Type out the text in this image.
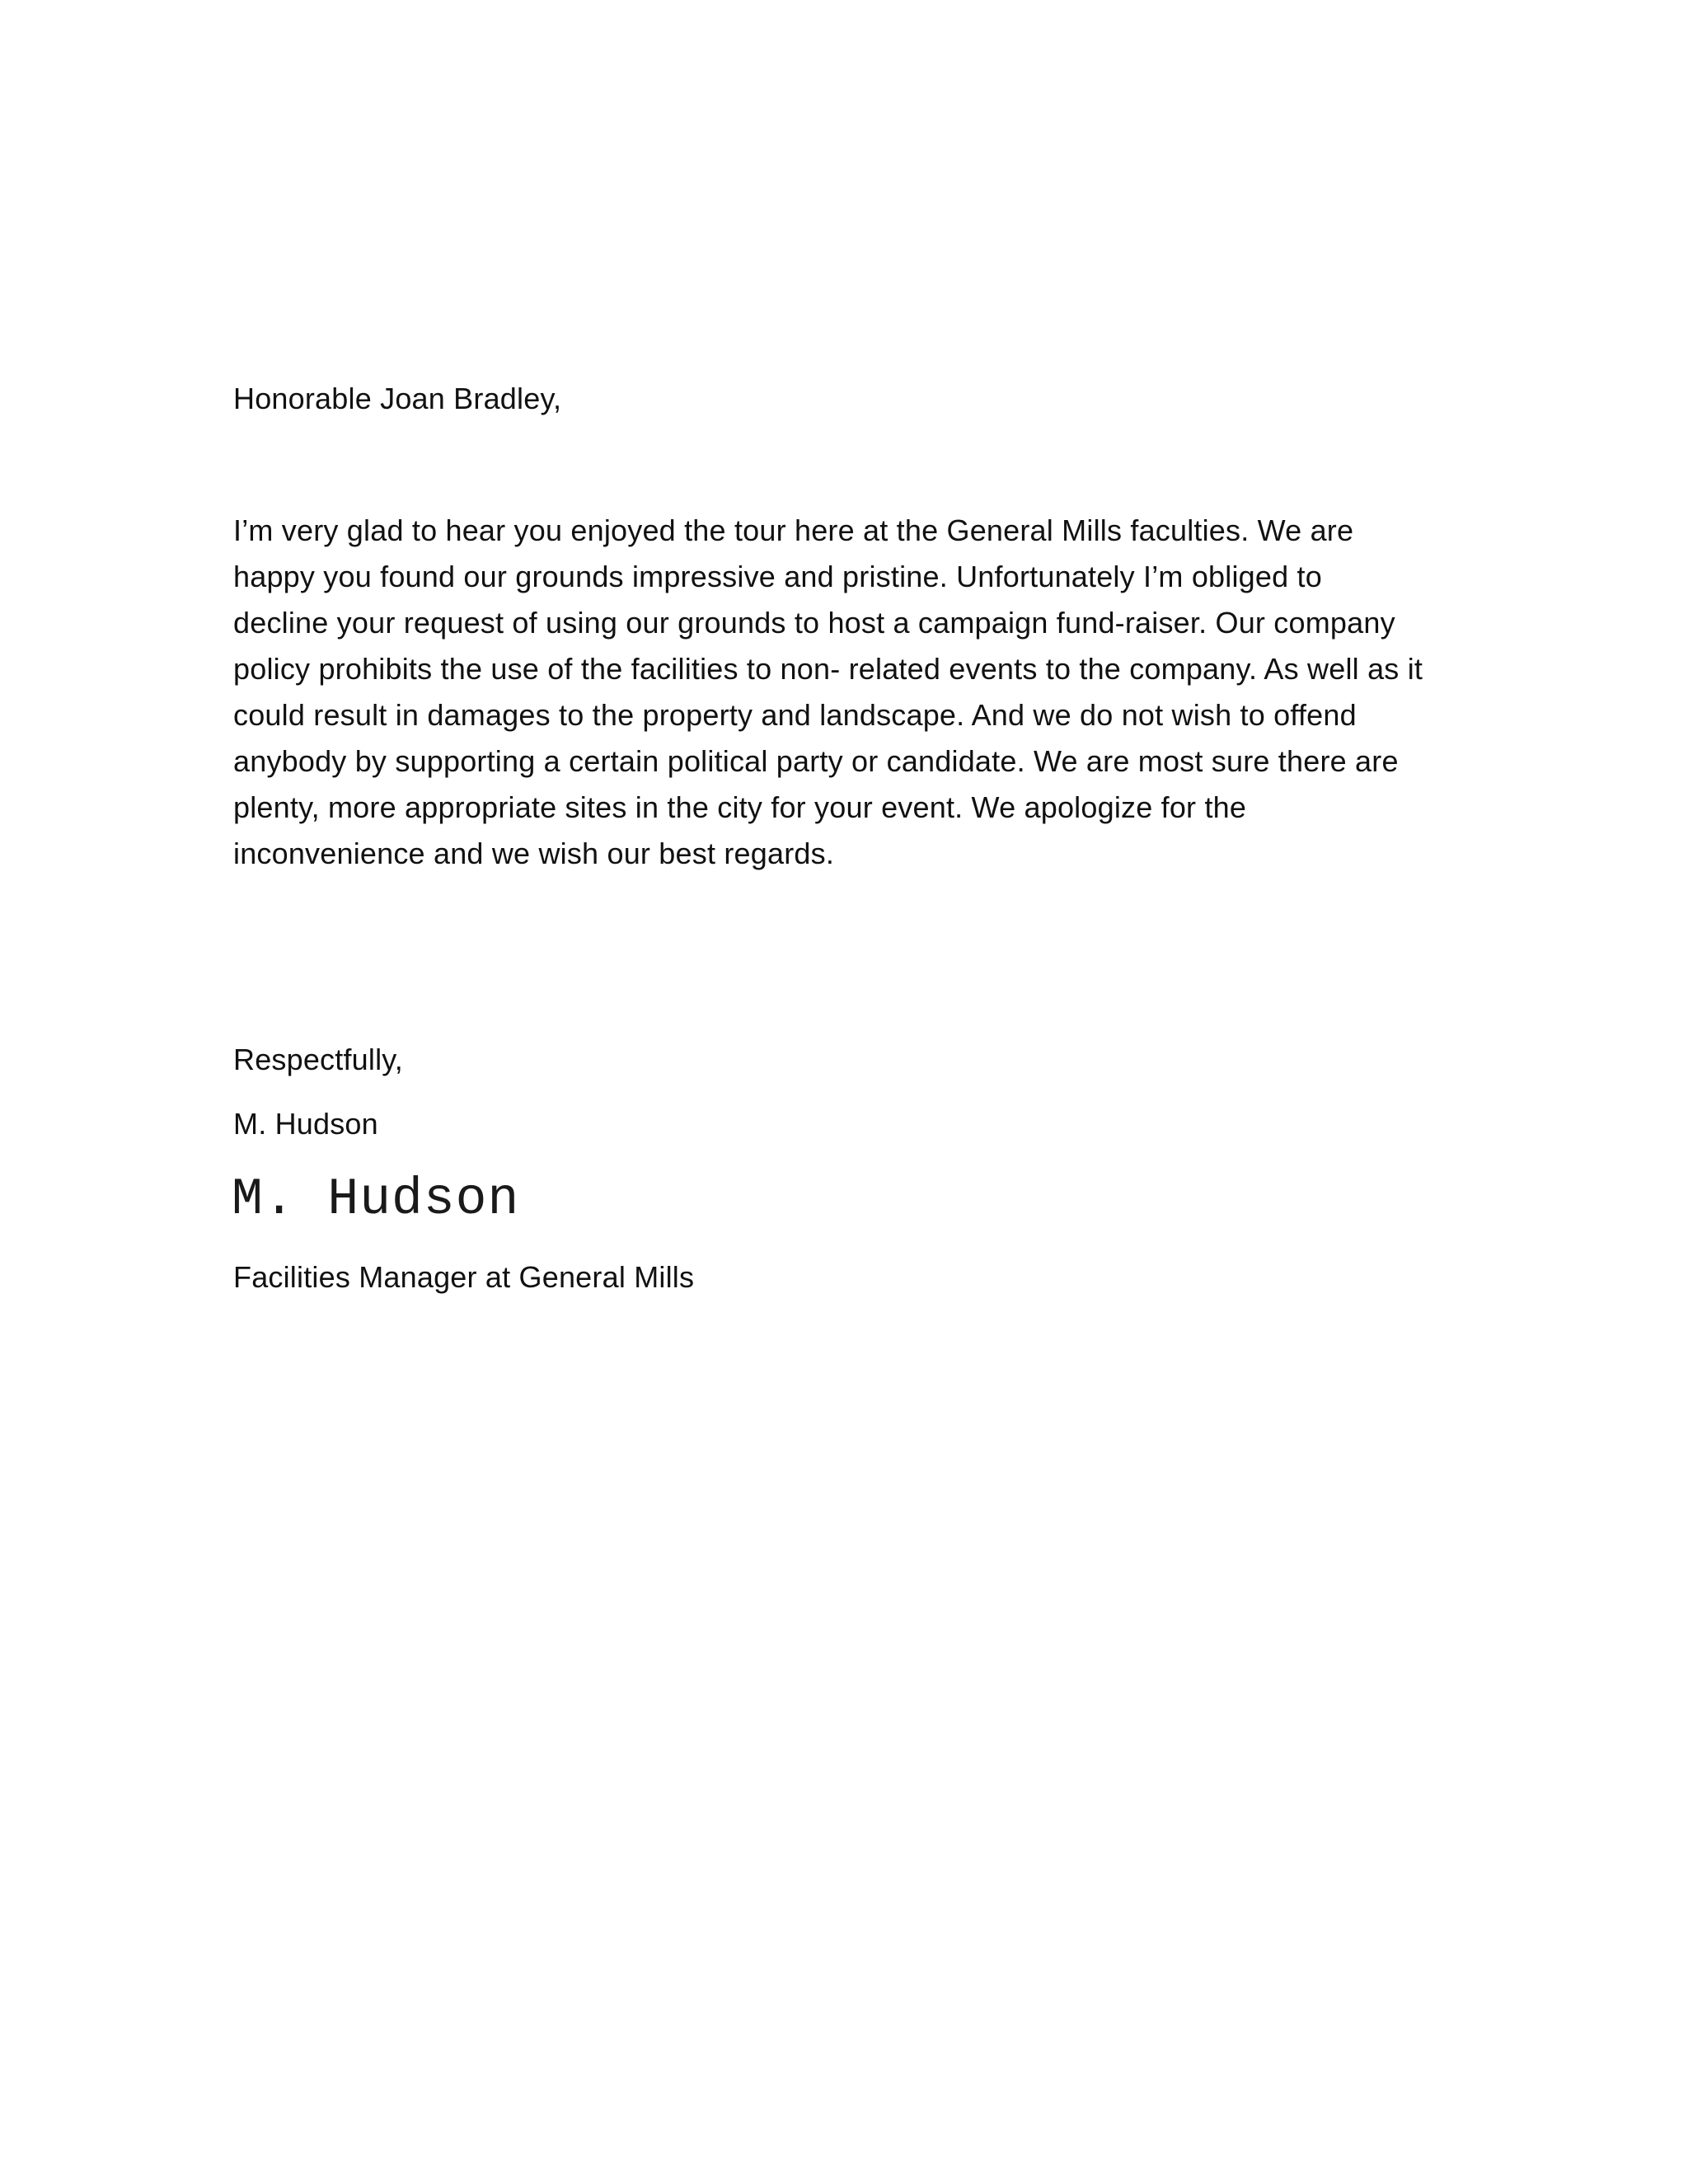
Honorable Joan Bradley,
I’m very glad to hear you enjoyed the tour here at the General Mills faculties. We are
happy you found our grounds impressive and pristine. Unfortunately I’m obliged to
decline your request of using our grounds to host a campaign fund-raiser. Our company
policy prohibits the use of the facilities to non- related events to the company. As well as it
could result in damages to the property and landscape. And we do not wish to offend
anybody by supporting a certain political party or candidate. We are most sure there are
plenty, more appropriate sites in the city for your event. We apologize for the
inconvenience and we wish our best regards.
Respectfully,
M. Hudson
M. Hudson
Facilities Manager at General Mills
